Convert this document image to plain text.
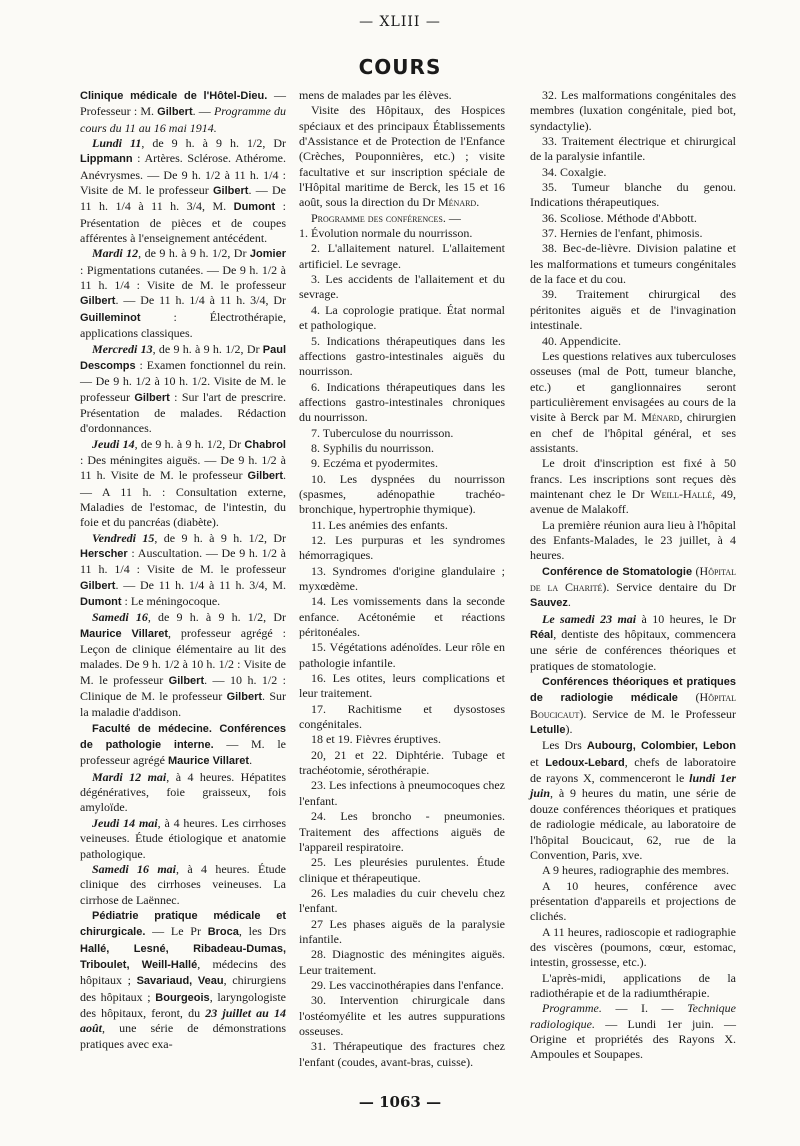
— XLIII —
COURS

Clinique médicale de l'Hôtel-Dieu. — Professeur : M. Gilbert. — Programme du cours du 11 au 16 mai 1914.

Lundi 11, de 9 h. à 9 h. 1/2, Dr Lippmann : Artères. Sclérose. Athérome. Anévrysmes. — De 9 h. 1/2 à 11 h. 1/4 : Visite de M. le professeur Gilbert. — De 11 h. 1/4 à 11 h. 3/4, M. Dumont : Présentation de pièces et de coupes afférentes à l'enseignement antécédent.

Mardi 12, de 9 h. à 9 h. 1/2, Dr Jomier : Pigmentations cutanées. — De 9 h. 1/2 à 11 h. 1/4 : Visite de M. le professeur Gilbert. — De 11 h. 1/4 à 11 h. 3/4, Dr Guilleminot : Électrothérapie, applications classiques.

Mercredi 13, de 9 h. à 9 h. 1/2, Dr Paul Descomps : Examen fonctionnel du rein. — De 9 h. 1/2 à 10 h. 1/2. Visite de M. le professeur Gilbert : Sur l'art de prescrire. Présentation de malades. Rédaction d'ordonnances.

Jeudi 14, de 9 h. à 9 h. 1/2, Dr Chabrol : Des méningites aiguës. — De 9 h. 1/2 à 11 h. Visite de M. le professeur Gilbert. — A 11 h. : Consultation externe, Maladies de l'estomac, de l'intestin, du foie et du pancréas (diabète).

Vendredi 15, de 9 h. à 9 h. 1/2, Dr Herscher : Auscultation. — De 9 h. 1/2 à 11 h. 1/4 : Visite de M. le professeur Gilbert. — De 11 h. 1/4 à 11 h. 3/4, M. Dumont : Le méningocoque.

Samedi 16, de 9 h. à 9 h. 1/2, Dr Maurice Villaret, professeur agrégé : Leçon de clinique élémentaire au lit des malades. De 9 h. 1/2 à 10 h. 1/2 : Visite de M. le professeur Gilbert. — 10 h. 1/2 : Clinique de M. le professeur Gilbert. Sur la maladie d'addison.

Faculté de médecine. Conférences de pathologie interne. — M. le professeur agrégé Maurice Villaret.

Mardi 12 mai, à 4 heures. Hépatites dégénératives, foie graisseux, fois amyloïde.

Jeudi 14 mai, à 4 heures. Les cirrhoses veineuses. Étude étiologique et anatomie pathologique.

Samedi 16 mai, à 4 heures. Étude clinique des cirrhoses veineuses. La cirrhose de Laënnec.

Pédiatrie pratique médicale et chirurgicale. — Le Pr Broca, les Drs Hallé, Lesné, Ribadeau-Dumas, Triboulet, Weill-Hallé, médecins des hôpitaux ; Savariaud, Veau, chirurgiens des hôpitaux ; Bourgeois, laryngologiste des hôpitaux, feront, du 23 juillet au 14 août, une série de démonstrations pratiques avec exa-

mens de malades par les élèves.

Visite des Hôpitaux, des Hospices spéciaux et des principaux Établissements d'Assistance et de Protection de l'Enfance (Crèches, Pouponnières, etc.) ; visite facultative et sur inscription spéciale de l'Hôpital maritime de Berck, les 15 et 16 août, sous la direction du Dr Ménard.

Programme des conférences. —

1. Évolution normale du nourrisson.

2. L'allaitement naturel. L'allaitement artificiel. Le sevrage.

3. Les accidents de l'allaitement et du sevrage.

4. La coprologie pratique. État normal et pathologique.

5. Indications thérapeutiques dans les affections gastro-intestinales aiguës du nourrisson.

6. Indications thérapeutiques dans les affections gastro-intestinales chroniques du nourrisson.

7. Tuberculose du nourrisson.

8. Syphilis du nourrisson.

9. Eczéma et pyodermites.

10. Les dyspnées du nourrisson (spasmes, adénopathie trachéo-bronchique, hypertrophie thymique).

11. Les anémies des enfants.

12. Les purpuras et les syndromes hémorragiques.

13. Syndromes d'origine glandulaire ; myxœdème.

14. Les vomissements dans la seconde enfance. Acétonémie et réactions péritonéales.

15. Végétations adénoïdes. Leur rôle en pathologie infantile.

16. Les otites, leurs complications et leur traitement.

17. Rachitisme et dysostoses congénitales.

18 et 19. Fièvres éruptives.

20, 21 et 22. Diphtérie. Tubage et trachéotomie, sérothérapie.

23. Les infections à pneumocoques chez l'enfant.

24. Les broncho - pneumonies. Traitement des affections aiguës de l'appareil respiratoire.

25. Les pleurésies purulentes. Étude clinique et thérapeutique.

26. Les maladies du cuir chevelu chez l'enfant.

27 Les phases aiguës de la paralysie infantile.

28. Diagnostic des méningites aiguës. Leur traitement.

29. Les vaccinothérapies dans l'enfance.

30. Intervention chirurgicale dans l'ostéomyélite et les autres suppurations osseuses.

31. Thérapeutique des fractures chez l'enfant (coudes, avant-bras, cuisse).

32. Les malformations congénitales des membres (luxation congénitale, pied bot, syndactylie).

33. Traitement électrique et chirurgical de la paralysie infantile.

34. Coxalgie.

35. Tumeur blanche du genou. Indications thérapeutiques.

36. Scoliose. Méthode d'Abbott.

37. Hernies de l'enfant, phimosis.

38. Bec-de-lièvre. Division palatine et les malformations et tumeurs congénitales de la face et du cou.

39. Traitement chirurgical des péritonites aiguës et de l'invagination intestinale.

40. Appendicite.

Les questions relatives aux tuberculoses osseuses (mal de Pott, tumeur blanche, etc.) et ganglionnaires seront particulièrement envisagées au cours de la visite à Berck par M. Ménard, chirurgien en chef de l'hôpital général, et ses assistants.

Le droit d'inscription est fixé à 50 francs. Les inscriptions sont reçues dès maintenant chez le Dr Weill-Hallé, 49, avenue de Malakoff.

La première réunion aura lieu à l'hôpital des Enfants-Malades, le 23 juillet, à 4 heures.

Conférence de Stomatologie (Hôpital de la Charité). Service dentaire du Dr Sauvez.

Le samedi 23 mai à 10 heures, le Dr Réal, dentiste des hôpitaux, commencera une série de conférences théoriques et pratiques de stomatologie.

Conférences théoriques et pratiques de radiologie médicale (Hôpital Boucicaut). Service de M. le Professeur Letulle).

Les Drs Aubourg, Colombier, Lebon et Ledoux-Lebard, chefs de laboratoire de rayons X, commenceront le lundi 1er juin, à 9 heures du matin, une série de douze conférences théoriques et pratiques de radiologie médicale, au laboratoire de l'hôpital Boucicaut, 62, rue de la Convention, Paris, xve.

A 9 heures, radiographie des membres.

A 10 heures, conférence avec présentation d'appareils et projections de clichés.

A 11 heures, radioscopie et radiographie des viscères (poumons, cœur, estomac, intestin, grossesse, etc.).

L'après-midi, applications de la radiothérapie et de la radiumthérapie.

Programme. — I. — Technique radiologique. — Lundi 1er juin. — Origine et propriétés des Rayons X. Ampoules et Soupapes.

— 1063 —
